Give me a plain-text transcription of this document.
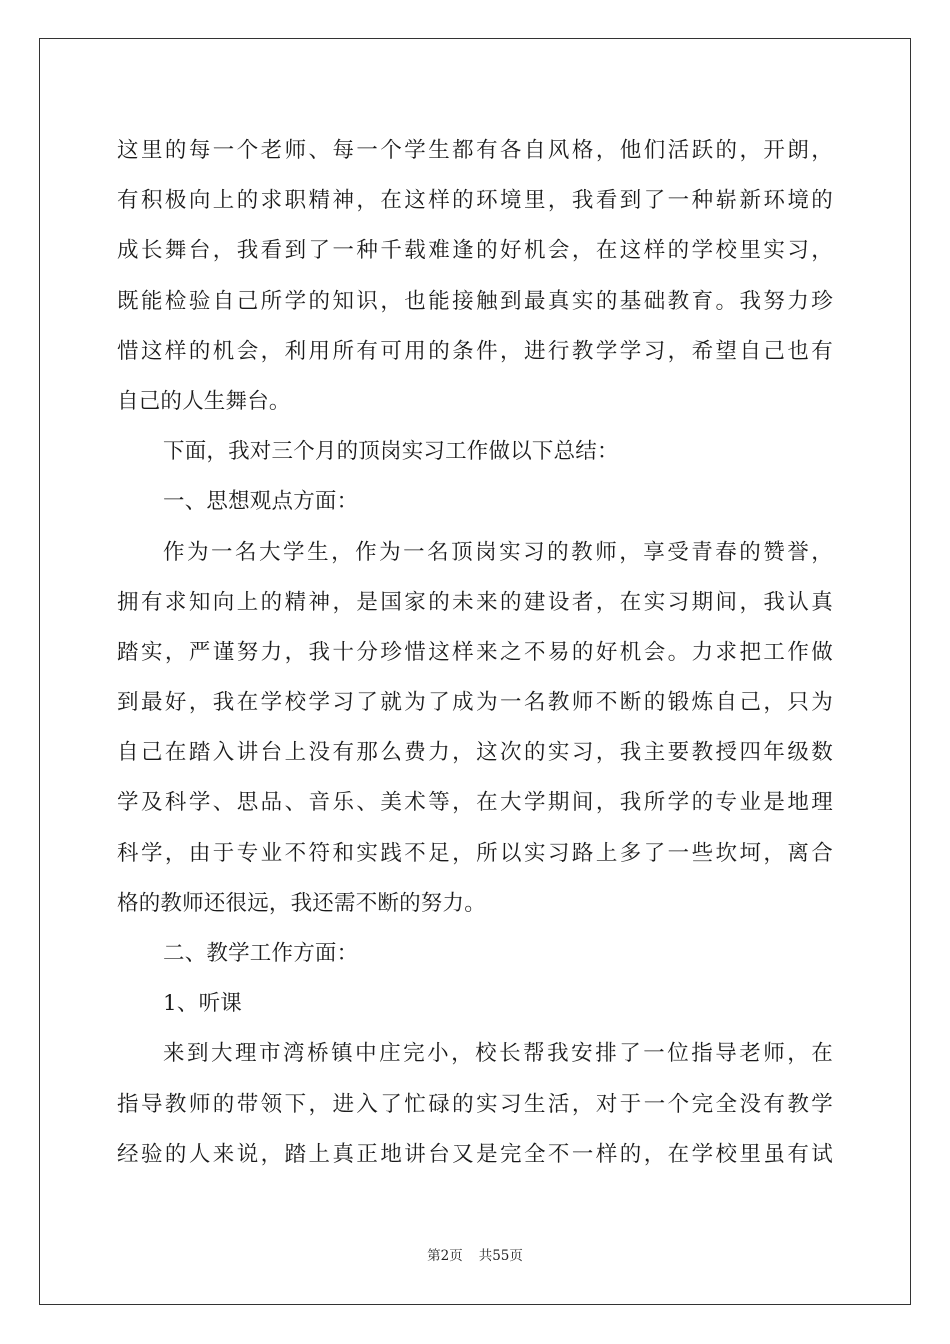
这里的每一个老师、每一个学生都有各自风格，他们活跃的，开朗，
有积极向上的求职精神，在这样的环境里，我看到了一种崭新环境的
成长舞台，我看到了一种千载难逢的好机会，在这样的学校里实习，
既能检验自己所学的知识，也能接触到最真实的基础教育。我努力珍
惜这样的机会，利用所有可用的条件，进行教学学习，希望自己也有
自己的人生舞台。
下面，我对三个月的顶岗实习工作做以下总结：
一、思想观点方面：
作为一名大学生，作为一名顶岗实习的教师，享受青春的赞誉，
拥有求知向上的精神，是国家的未来的建设者，在实习期间，我认真
踏实，严谨努力，我十分珍惜这样来之不易的好机会。力求把工作做
到最好，我在学校学习了就为了成为一名教师不断的锻炼自己，只为
自己在踏入讲台上没有那么费力，这次的实习，我主要教授四年级数
学及科学、思品、音乐、美术等，在大学期间，我所学的专业是地理
科学，由于专业不符和实践不足，所以实习路上多了一些坎坷，离合
格的教师还很远，我还需不断的努力。
二、教学工作方面：
1、听课
来到大理市湾桥镇中庄完小，校长帮我安排了一位指导老师，在
指导教师的带领下，进入了忙碌的实习生活，对于一个完全没有教学
经验的人来说，踏上真正地讲台又是完全不一样的，在学校里虽有试
第2页 共55页
